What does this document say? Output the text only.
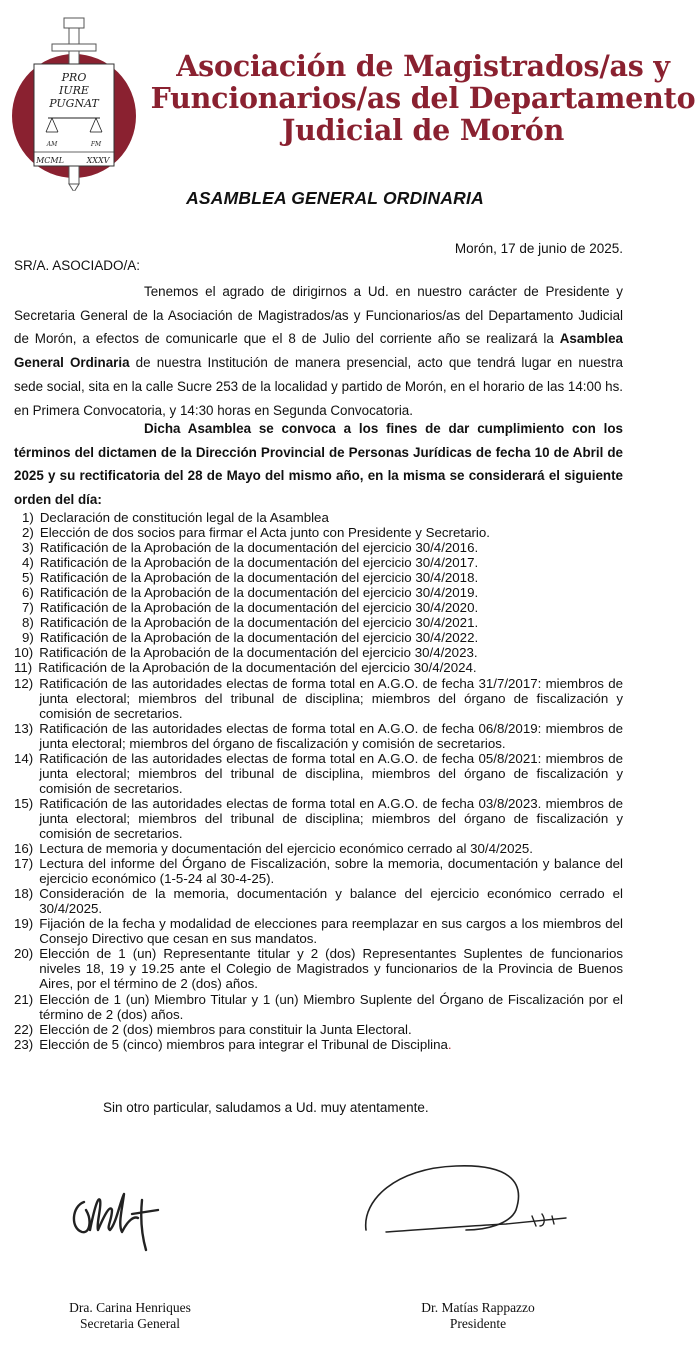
PRO
IURE
PUGNAT
AM	FM
MCML	XXXV
Asociación de Magistrados/as y
Funcionarios/as del Departamento
Judicial de Morón
ASAMBLEA GENERAL ORDINARIA
Morón, 17 de junio de 2025.
SR/A. ASOCIADO/A:

Tenemos el agrado de dirigirnos a Ud. en nuestro carácter de Presidente y Secretaria General de la Asociación de Magistrados/as y Funcionarios/as del Departamento Judicial de Morón, a efectos de comunicarle que el 8 de Julio del corriente año se realizará la Asamblea General Ordinaria de nuestra Institución de manera presencial, acto que tendrá lugar en nuestra sede social, sita en la calle Sucre 253 de la localidad y partido de Morón, en el horario de las 14:00 hs. en Primera Convocatoria, y 14:30 horas en Segunda Convocatoria.

Dicha Asamblea se convoca a los fines de dar cumplimiento con los términos del dictamen de la Dirección Provincial de Personas Jurídicas de fecha 10 de Abril de 2025 y su rectificatoria del 28 de Mayo del mismo año, en la misma se considerará el siguiente orden del día:

1) Declaración de constitución legal de la Asamblea
2) Elección de dos socios para firmar el Acta junto con Presidente y Secretario.
3) Ratificación de la Aprobación de la documentación del ejercicio 30/4/2016.
4) Ratificación de la Aprobación de la documentación del ejercicio 30/4/2017.
5) Ratificación de la Aprobación de la documentación del ejercicio 30/4/2018.
6) Ratificación de la Aprobación de la documentación del ejercicio 30/4/2019.
7) Ratificación de la Aprobación de la documentación del ejercicio 30/4/2020.
8) Ratificación de la Aprobación de la documentación del ejercicio 30/4/2021.
9) Ratificación de la Aprobación de la documentación del ejercicio 30/4/2022.
10) Ratificación de la Aprobación de la documentación del ejercicio 30/4/2023.
11) Ratificación de la Aprobación de la documentación del ejercicio 30/4/2024.
12) Ratificación de las autoridades electas de forma total en A.G.O. de fecha 31/7/2017: miembros de junta electoral; miembros del tribunal de disciplina; miembros del órgano de fiscalización y comisión de secretarios.
13) Ratificación de las autoridades electas de forma total en A.G.O. de fecha 06/8/2019: miembros de junta electoral; miembros del órgano de fiscalización y comisión de secretarios.
14) Ratificación de las autoridades electas de forma total en A.G.O. de fecha 05/8/2021: miembros de junta electoral; miembros del tribunal de disciplina, miembros del órgano de fiscalización y comisión de secretarios.
15) Ratificación de las autoridades electas de forma total en A.G.O. de fecha 03/8/2023. miembros de junta electoral; miembros del tribunal de disciplina; miembros del órgano de fiscalización y comisión de secretarios.
16) Lectura de memoria y documentación del ejercicio económico cerrado al 30/4/2025.
17) Lectura del informe del Órgano de Fiscalización, sobre la memoria, documentación y balance del ejercicio económico (1-5-24 al 30-4-25).
18) Consideración de la memoria, documentación y balance del ejercicio económico cerrado el 30/4/2025.
19) Fijación de la fecha y modalidad de elecciones para reemplazar en sus cargos a los miembros del Consejo Directivo que cesan en sus mandatos.
20) Elección de 1 (un) Representante titular y 2 (dos) Representantes Suplentes de funcionarios niveles 18, 19 y 19.25 ante el Colegio de Magistrados y funcionarios de la Provincia de Buenos Aires, por el término de 2 (dos) años.
21) Elección de 1 (un) Miembro Titular y 1 (un) Miembro Suplente del Órgano de Fiscalización por el término de 2 (dos) años.
22) Elección de 2 (dos) miembros para constituir la Junta Electoral.
23) Elección de 5 (cinco) miembros para integrar el Tribunal de Disciplina.
Sin otro particular, saludamos a Ud. muy atentamente.
Dra. Carina Henriques
Secretaria General
Dr. Matías Rappazzo
Presidente
